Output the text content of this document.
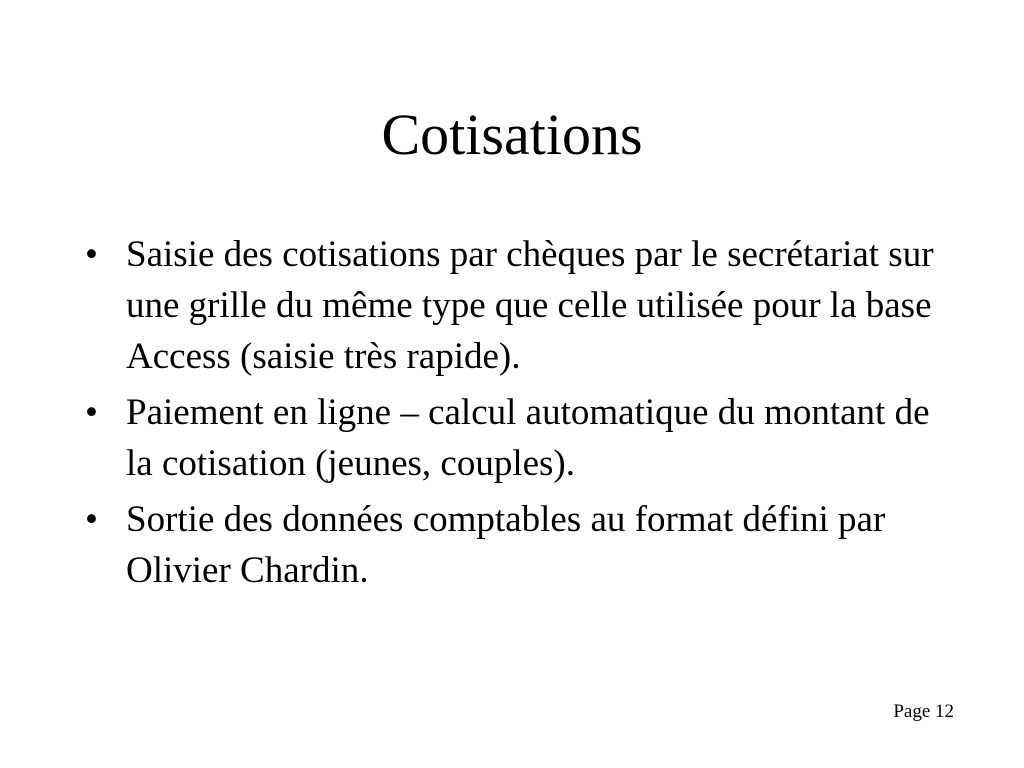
Cotisations
• Saisie des cotisations par chèques par le secrétariat sur une grille du même type que celle utilisée pour la base Access (saisie très rapide).
• Paiement en ligne – calcul automatique du montant de la cotisation (jeunes, couples).
• Sortie des données comptables au format défini par Olivier Chardin.
Page 12
